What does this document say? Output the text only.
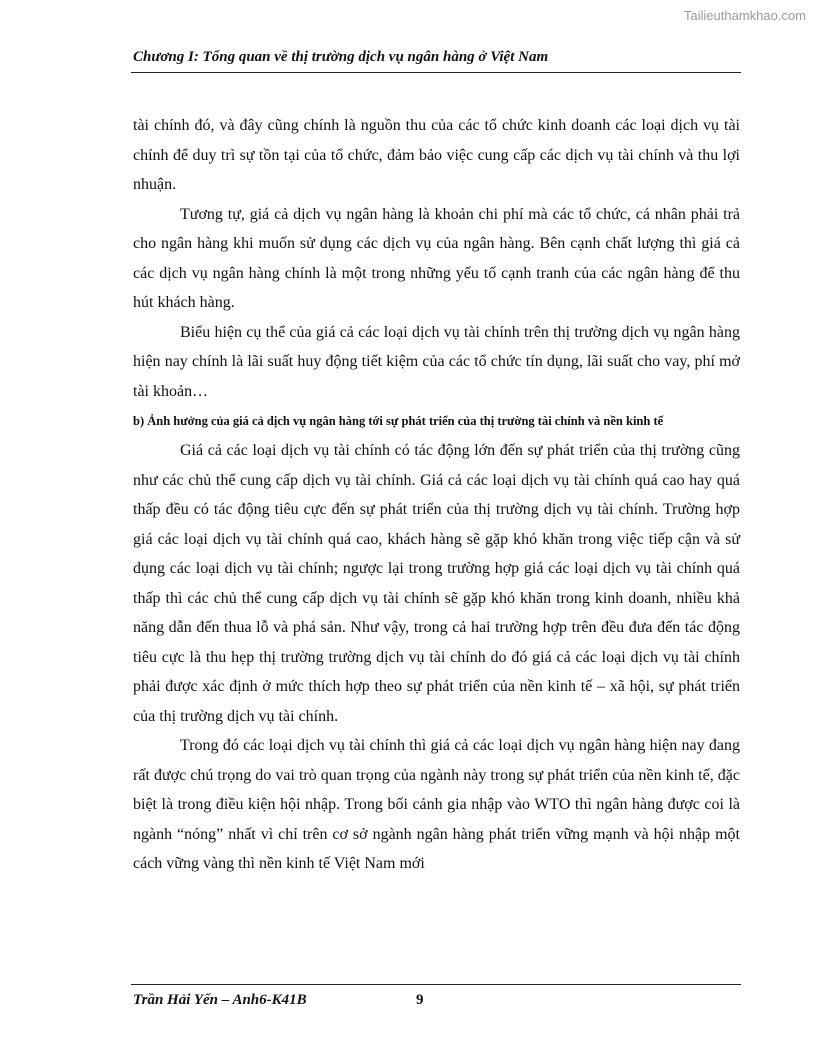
Tailieuthamkhao.com
Chương I: Tổng quan về thị trường dịch vụ ngân hàng ở Việt Nam

tài chính đó, và đây cũng chính là nguồn thu của các tổ chức kinh doanh các loại dịch vụ tài chính để duy trì sự tồn tại của tổ chức, đảm bảo việc cung cấp các dịch vụ tài chính và thu lợi nhuận.

Tương tự, giá cả dịch vụ ngân hàng là khoản chi phí mà các tổ chức, cá nhân phải trả cho ngân hàng khi muốn sử dụng các dịch vụ của ngân hàng. Bên cạnh chất lượng thì giá cả các dịch vụ ngân hàng chính là một trong những yếu tố cạnh tranh của các ngân hàng để thu hút khách hàng.

Biểu hiện cụ thể của giá cả các loại dịch vụ tài chính trên thị trường dịch vụ ngân hàng hiện nay chính là lãi suất huy động tiết kiệm của các tổ chức tín dụng, lãi suất cho vay, phí mở tài khoản…

b) Ảnh hưởng của giá cả dịch vụ ngân hàng tới sự phát triển của thị trường tài chính và nền kinh tế

Giá cả các loại dịch vụ tài chính có tác động lớn đến sự phát triển của thị trường cũng như các chủ thể cung cấp dịch vụ tài chính. Giá cả các loại dịch vụ tài chính quá cao hay quá thấp đều có tác động tiêu cực đến sự phát triển của thị trường dịch vụ tài chính. Trường hợp giá các loại dịch vụ tài chính quá cao, khách hàng sẽ gặp khó khăn trong việc tiếp cận và sử dụng các loại dịch vụ tài chính; ngược lại trong trường hợp giá các loại dịch vụ tài chính quá thấp thì các chủ thể cung cấp dịch vụ tài chính sẽ gặp khó khăn trong kinh doanh, nhiều khả năng dẫn đến thua lỗ và phá sản. Như vậy, trong cả hai trường hợp trên đều đưa đến tác động tiêu cực là thu hẹp thị trường trường dịch vụ tài chính do đó giá cả các loại dịch vụ tài chính phải được xác định ở mức thích hợp theo sự phát triển của nền kinh tế – xã hội, sự phát triển của thị trường dịch vụ tài chính.

Trong đó các loại dịch vụ tài chính thì giá cả các loại dịch vụ ngân hàng hiện nay đang rất được chú trọng do vai trò quan trọng của ngành này trong sự phát triển của nền kinh tế, đặc biệt là trong điều kiện hội nhập. Trong bối cảnh gia nhập vào WTO thì ngân hàng được coi là ngành “nóng” nhất vì chỉ trên cơ sở ngành ngân hàng phát triển vững mạnh và hội nhập một cách vững vàng thì nền kinh tế Việt Nam mới

Trần Hải Yến – Anh6-K41B	9
